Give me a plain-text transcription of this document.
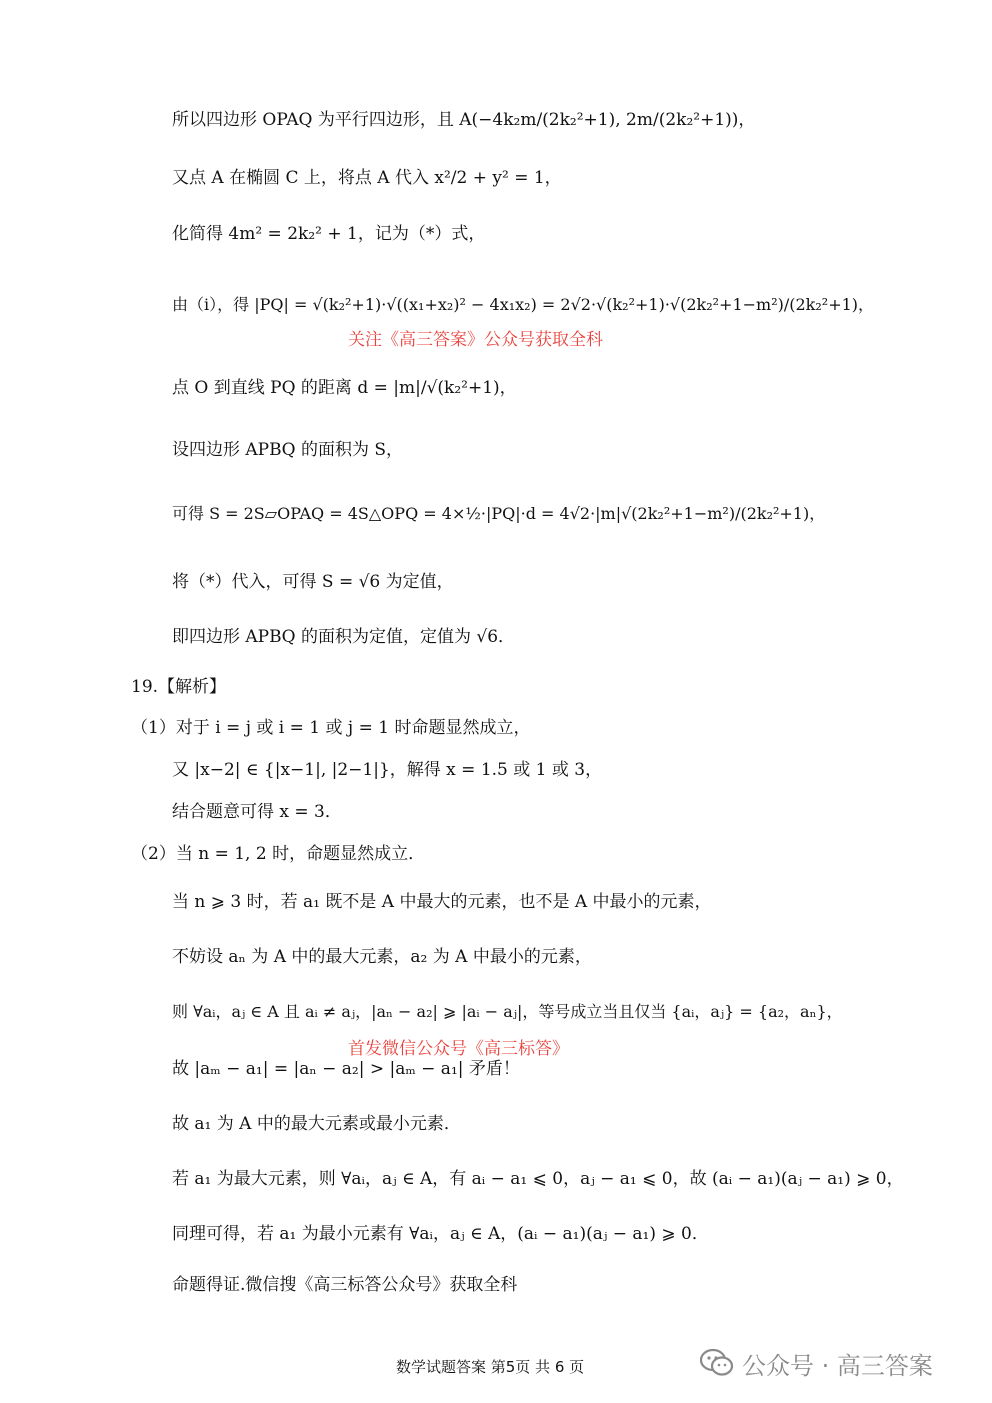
所以四边形 OPAQ 为平行四边形，且 A(−4k₂m/(2k₂²+1), 2m/(2k₂²+1))，
又点 A 在椭圆 C 上，将点 A 代入 x²/2 + y² = 1，
化简得 4m² = 2k₂² + 1，记为（*）式，
由（i），得 |PQ| = √(k₂²+1)·√((x₁+x₂)² − 4x₁x₂) = 2√2·√(k₂²+1)·√(2k₂²+1−m²)/(2k₂²+1)，
关注《高三答案》公众号获取全科
点 O 到直线 PQ 的距离 d = |m|/√(k₂²+1)，
设四边形 APBQ 的面积为 S，
可得 S = 2S▱OPAQ = 4S△OPQ = 4×½·|PQ|·d = 4√2·|m|√(2k₂²+1−m²)/(2k₂²+1)，
将（*）代入，可得 S = √6 为定值，
即四边形 APBQ 的面积为定值，定值为 √6．
19.【解析】
（1）对于 i = j 或 i = 1 或 j = 1 时命题显然成立，
又 |x−2| ∈ {|x−1|, |2−1|}，解得 x = 1.5 或 1 或 3，
结合题意可得 x = 3．
（2）当 n = 1, 2 时，命题显然成立．
当 n ⩾ 3 时，若 a₁ 既不是 A 中最大的元素，也不是 A 中最小的元素，
不妨设 aₙ 为 A 中的最大元素，a₂ 为 A 中最小的元素，
则 ∀aᵢ，aⱼ ∈ A 且 aᵢ ≠ aⱼ，|aₙ − a₂| ⩾ |aᵢ − aⱼ|，等号成立当且仅当 {aᵢ，aⱼ} = {a₂，aₙ}，
首发微信公众号《高三标答》
故 |aₘ − a₁| = |aₙ − a₂| > |aₘ − a₁| 矛盾！
故 a₁ 为 A 中的最大元素或最小元素．
若 a₁ 为最大元素，则 ∀aᵢ，aⱼ ∈ A，有 aᵢ − a₁ ⩽ 0，aⱼ − a₁ ⩽ 0，故 (aᵢ − a₁)(aⱼ − a₁) ⩾ 0，
同理可得，若 a₁ 为最小元素有 ∀aᵢ，aⱼ ∈ A，(aᵢ − a₁)(aⱼ − a₁) ⩾ 0．
命题得证.微信搜《高三标答公众号》获取全科
数学试题答案 第5页 共 6 页	公众号 · 高三答案
